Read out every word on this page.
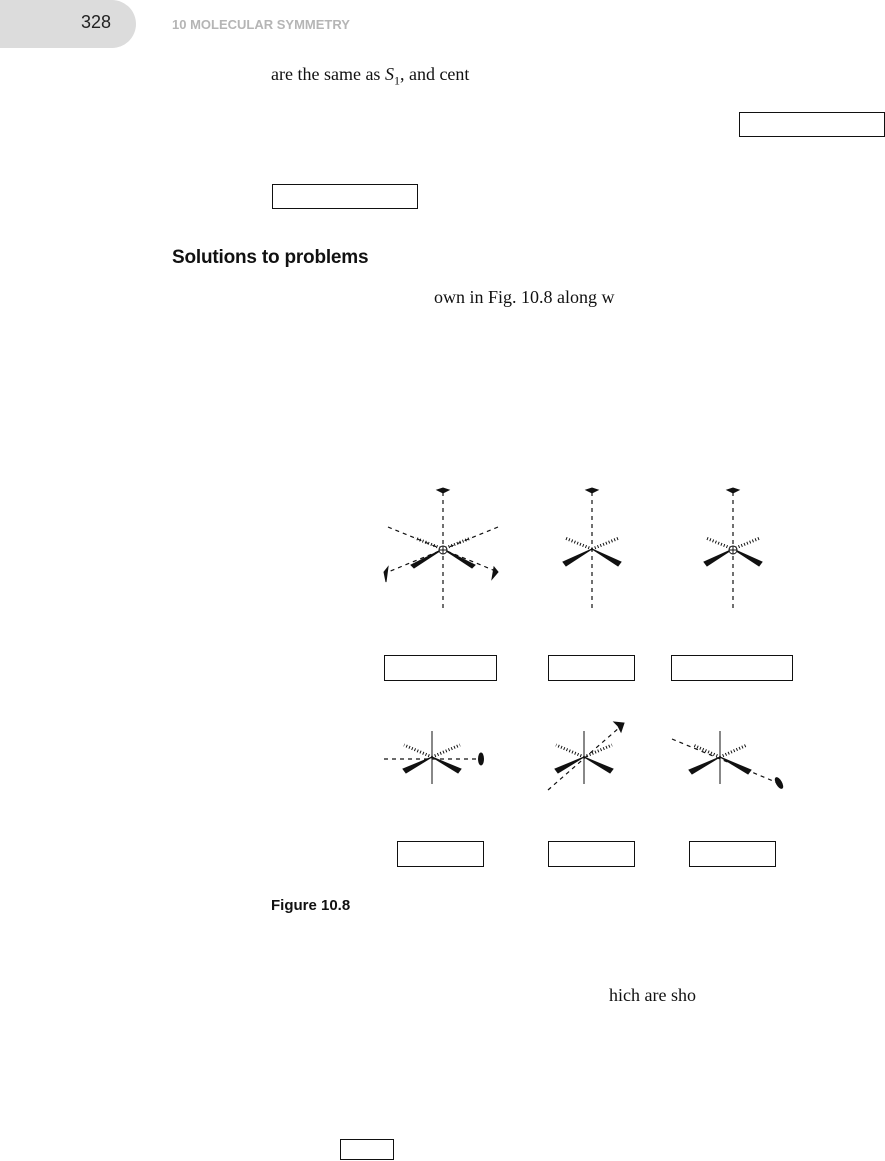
328	10 MOLECULAR SYMMETRY
are the same as $S_1$, and cent
Solutions to problems
own in Fig. 10.8 along w
Figure 10.8
hich are sho
